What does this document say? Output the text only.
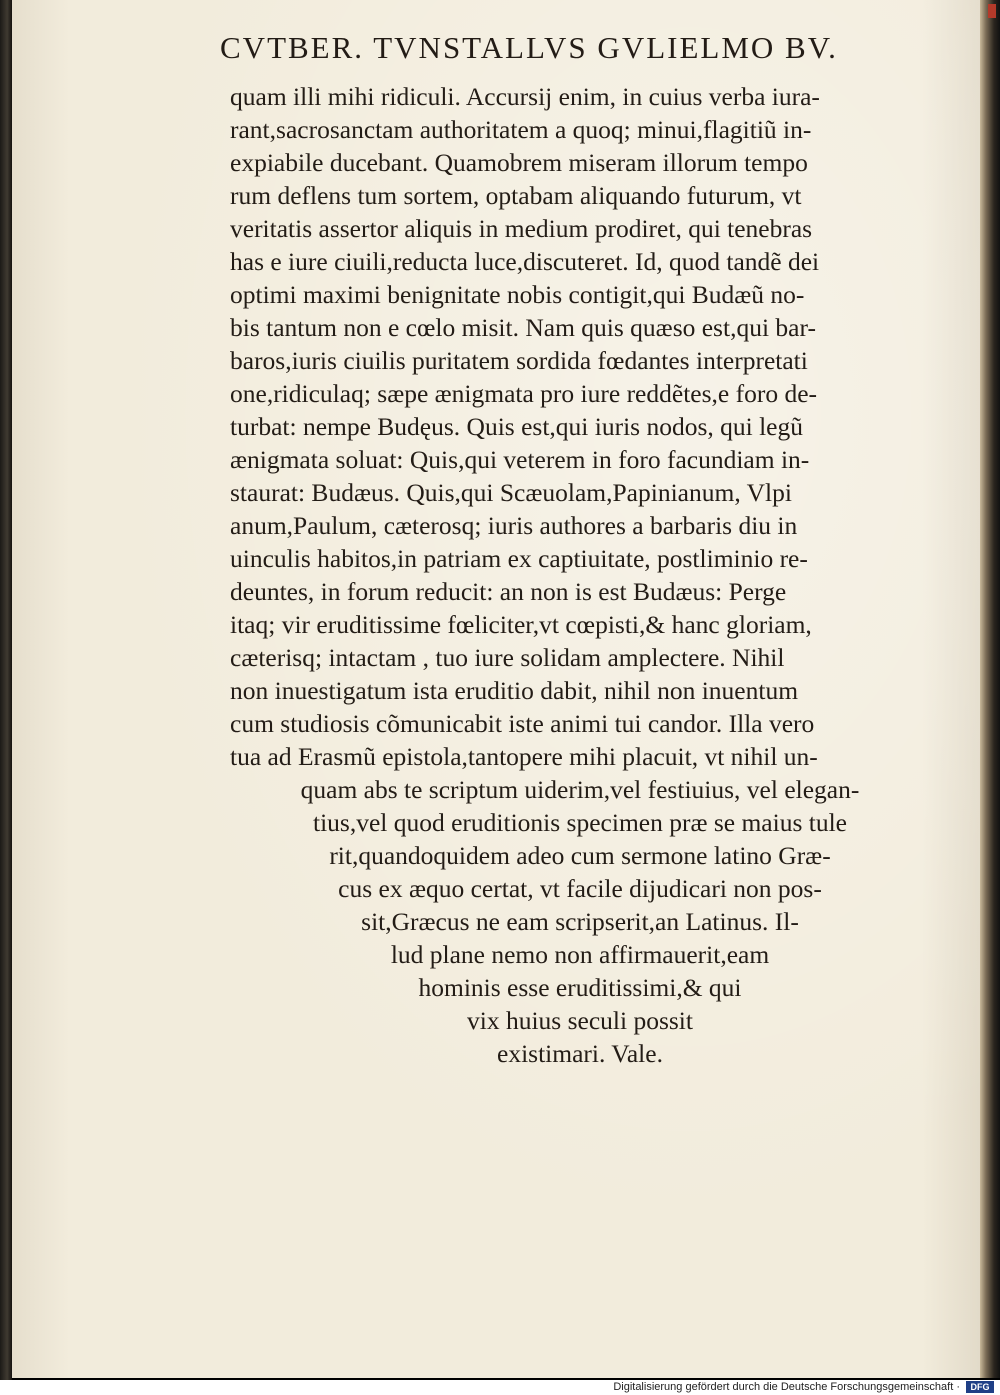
CVTBER. TVNSTALLVS GVLIELMO BV.
quam illi mihi ridiculi. Accursij enim, in cuius verba iura-
rant,sacrosanctam authoritatem a quoq; minui,flagitiũ in-
expiabile ducebant. Quamobrem miseram illorum tempo
rum deflens tum sortem, optabam aliquando futurum, vt
veritatis assertor aliquis in medium prodiret, qui tenebras
has e iure ciuili,reducta luce,discuteret. Id, quod tandẽ dei
optimi maximi benignitate nobis contigit,qui Budæũ no-
bis tantum non e cœlo misit. Nam quis quæso est,qui bar-
baros,iuris ciuilis puritatem sordida fœdantes interpretati
one,ridiculaq; sæpe ænigmata pro iure reddẽtes,e foro de-
turbat: nempe Budęus. Quis est,qui iuris nodos, qui legũ
ænigmata soluat: Quis,qui veterem in foro facundiam in-
staurat: Budæus. Quis,qui Scæuolam,Papinianum, Vlpi
anum,Paulum, cæterosq; iuris authores a barbaris diu in
uinculis habitos,in patriam ex captiuitate, postliminio re-
deuntes, in forum reducit: an non is est Budæus: Perge
itaq; vir eruditissime fœliciter,vt cœpisti,& hanc gloriam,
cæterisq; intactam , tuo iure solidam amplectere. Nihil
non inuestigatum ista eruditio dabit, nihil non inuentum
cum studiosis cõmunicabit iste animi tui candor. Illa vero
tua ad Erasmũ epistola,tantopere mihi placuit, vt nihil un-
quam abs te scriptum uiderim,vel festiuius, vel elegan-
tius,vel quod eruditionis specimen præ se maius tule
rit,quandoquidem adeo cum sermone latino Græ-
cus ex æquo certat, vt facile dijudicari non pos-
sit,Græcus ne eam scripserit,an Latinus. Il-
lud plane nemo non affirmauerit,eam
hominis esse eruditissimi,& qui
vix huius seculi possit
existimari. Vale.
Digitalisierung gefördert durch die Deutsche Forschungsgemeinschaft ·	DFG
